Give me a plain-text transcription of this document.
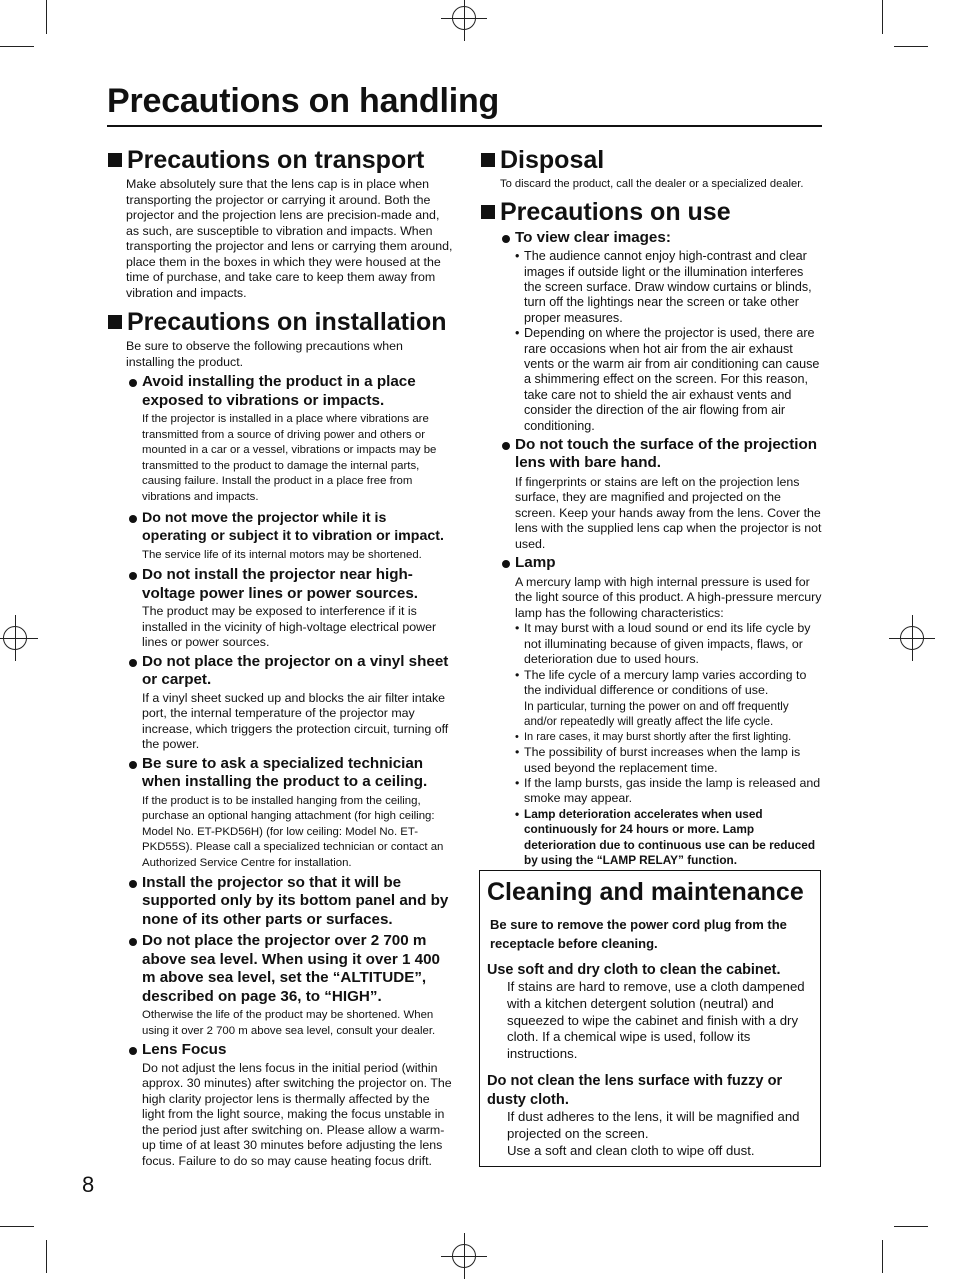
Precautions on handling
Precautions on transport

Make absolutely sure that the lens cap is in place when transporting the projector or carrying it around. Both the projector and the projection lens are precision-made and, as such, are susceptible to vibration and impacts. When transporting the projector and lens or carrying them around, place them in the boxes in which they were housed at the time of purchase, and take care to keep them away from vibration and impacts.

Precautions on installation

Be sure to observe the following precautions when installing the product.

Avoid installing the product in a place exposed to vibrations or impacts.

If the projector is installed in a place where vibrations are transmitted from a source of driving power and others or mounted in a car or a vessel, vibrations or impacts may be transmitted to the product to damage the internal parts, causing failure. Install the product in a place free from vibrations and impacts.

Do not move the projector while it is operating or subject it to vibration or impact.

The service life of its internal motors may be shortened.

Do not install the projector near high-voltage power lines or power sources.

The product may be exposed to interference if it is installed in the vicinity of high-voltage electrical power lines or power sources.

Do not place the projector on a vinyl sheet or carpet.

If a vinyl sheet sucked up and blocks the air filter intake port, the internal temperature of the projector may increase, which triggers the protection circuit, turning off the power.

Be sure to ask a specialized technician when installing the product to a ceiling.

If the product is to be installed hanging from the ceiling, purchase an optional hanging attachment (for high ceiling: Model No. ET-PKD56H) (for low ceiling: Model No. ET-PKD55S). Please call a specialized technician or contact an Authorized Service Centre for installation.

Install the projector so that it will be supported only by its bottom panel and by none of its other parts or surfaces.

Do not place the projector over 2 700 m above sea level. When using it over 1 400 m above sea level, set the “ALTITUDE”, described on page 36, to “HIGH”.

Otherwise the life of the product may be shortened. When using it over 2 700 m above sea level, consult your dealer.

Lens Focus

Do not adjust the lens focus in the initial period (within approx. 30 minutes) after switching the projector on. The high clarity projector lens is thermally affected by the light from the light source, making the focus unstable in the period just after switching on. Please allow a warm-up time of at least 30 minutes before adjusting the lens focus. Failure to do so may cause heating focus drift.

Disposal

To discard the product, call the dealer or a specialized dealer.

Precautions on use

To view clear images:

• The audience cannot enjoy high-contrast and clear images if outside light or the illumination interferes the screen surface. Draw window curtains or blinds, turn off the lightings near the screen or take other proper measures.

• Depending on where the projector is used, there are rare occasions when hot air from the air exhaust vents or the warm air from air conditioning can cause a shimmering effect on the screen. For this reason, take care not to shield the air exhaust vents and consider the direction of the air flowing from air conditioning.

Do not touch the surface of the projection lens with bare hand.

If fingerprints or stains are left on the projection lens surface, they are magnified and projected on the screen. Keep your hands away from the lens. Cover the lens with the supplied lens cap when the projector is not used.

Lamp

A mercury lamp with high internal pressure is used for the light source of this product. A high-pressure mercury lamp has the following characteristics:

• It may burst with a loud sound or end its life cycle by not illuminating because of given impacts, flaws, or deterioration due to used hours.

• The life cycle of a mercury lamp varies according to the individual difference or conditions of use.

In particular, turning the power on and off frequently and/or repeatedly will greatly affect the life cycle.

• In rare cases, it may burst shortly after the first lighting.

• The possibility of burst increases when the lamp is used beyond the replacement time.

• If the lamp bursts, gas inside the lamp is released and smoke may appear.

• Lamp deterioration accelerates when used continuously for 24 hours or more. Lamp deterioration due to continuous use can be reduced by using the “LAMP RELAY” function.

Cleaning and maintenance

Be sure to remove the power cord plug from the receptacle before cleaning.

Use soft and dry cloth to clean the cabinet.

If stains are hard to remove, use a cloth dampened with a kitchen detergent solution (neutral) and squeezed to wipe the cabinet and finish with a dry cloth. If a chemical wipe is used, follow its instructions.

Do not clean the lens surface with fuzzy or dusty cloth.

If dust adheres to the lens, it will be magnified and projected on the screen.

Use a soft and clean cloth to wipe off dust.

8
